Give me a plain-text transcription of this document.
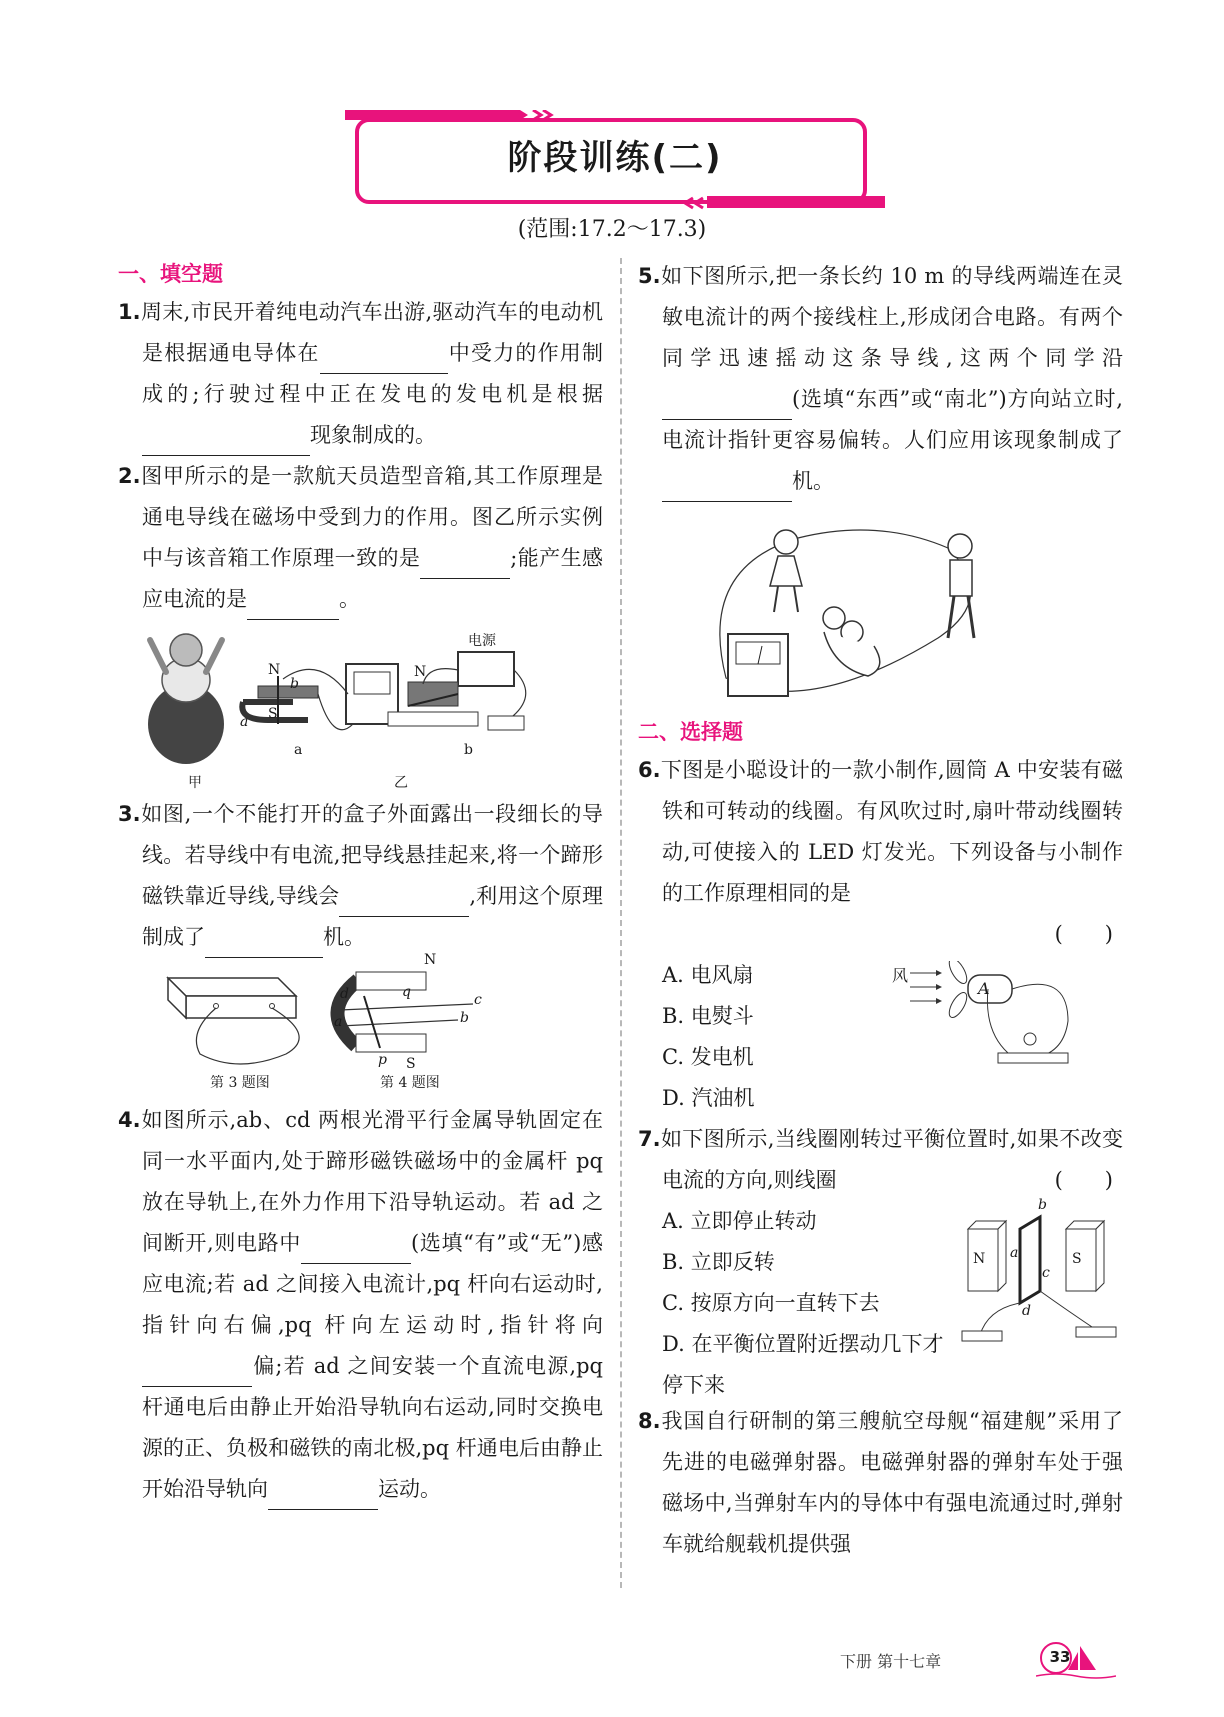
阶段训练(二)
(范围:17.2～17.3)
一、填空题
1.周末,市民开着纯电动汽车出游,驱动汽车的电动机是根据通电导体在	中受力的作用制成的;行驶过程中正在发电的发电机是根据现象制成的。
2.图甲所示的是一款航天员造型音箱,其工作原理是通电导线在磁场中受到力的作用。图乙所示实例中与该音箱工作原理一致的是	;能产生感应电流的是	。
电源
N
S
b
a
N
a	b
甲	乙
3.如图,一个不能打开的盒子外面露出一段细长的导线。若导线中有电流,把导线悬挂起来,将一个蹄形磁铁靠近导线,导线会	,利用这个原理制成了	机。
N
S
a	b
c
d
p
q
第 3 题图	第 4 题图
4.如图所示,ab、cd 两根光滑平行金属导轨固定在同一水平面内,处于蹄形磁铁磁场中的金属杆 pq 放在导轨上,在外力作用下沿导轨运动。若 ad 之间断开,则电路中	(选填“有”或“无”)感应电流;若 ad 之间接入电流计,pq 杆向右运动时,指针向右偏,pq 杆向左运动时,指针将向偏;若 ad 之间安装一个直流电源,pq 杆通电后由静止开始沿导轨向右运动,同时交换电源的正、负极和磁铁的南北极,pq 杆通电后由静止开始沿导轨向	运动。
5.如下图所示,把一条长约 10 m 的导线两端连在灵敏电流计的两个接线柱上,形成闭合电路。有两个同学迅速摇动这条导线,这两个同学沿(选填“东西”或“南北”)方向站立时,电流计指针更容易偏转。人们应用该现象制成了机。
二、选择题
6.下图是小聪设计的一款小制作,圆筒 A 中安装有磁铁和可转动的线圈。有风吹过时,扇叶带动线圈转动,可使接入的 LED 灯发光。下列设备与小制作的工作原理相同的是
(　　)
A. 电风扇
B. 电熨斗
C. 发电机
D. 汽油机
风
A
7.如下图所示,当线圈刚转过平衡位置时,如果不改变电流的方向,则线圈	(　　)
A. 立即停止转动
B. 立即反转
C. 按原方向一直转下去
D. 在平衡位置附近摆动几下才停下来
N	S
a
b
c
d
8.我国自行研制的第三艘航空母舰“福建舰”采用了先进的电磁弹射器。电磁弹射器的弹射车处于强磁场中,当弹射车内的导体中有强电流通过时,弹射车就给舰载机提供强
下册 第十七章	33
